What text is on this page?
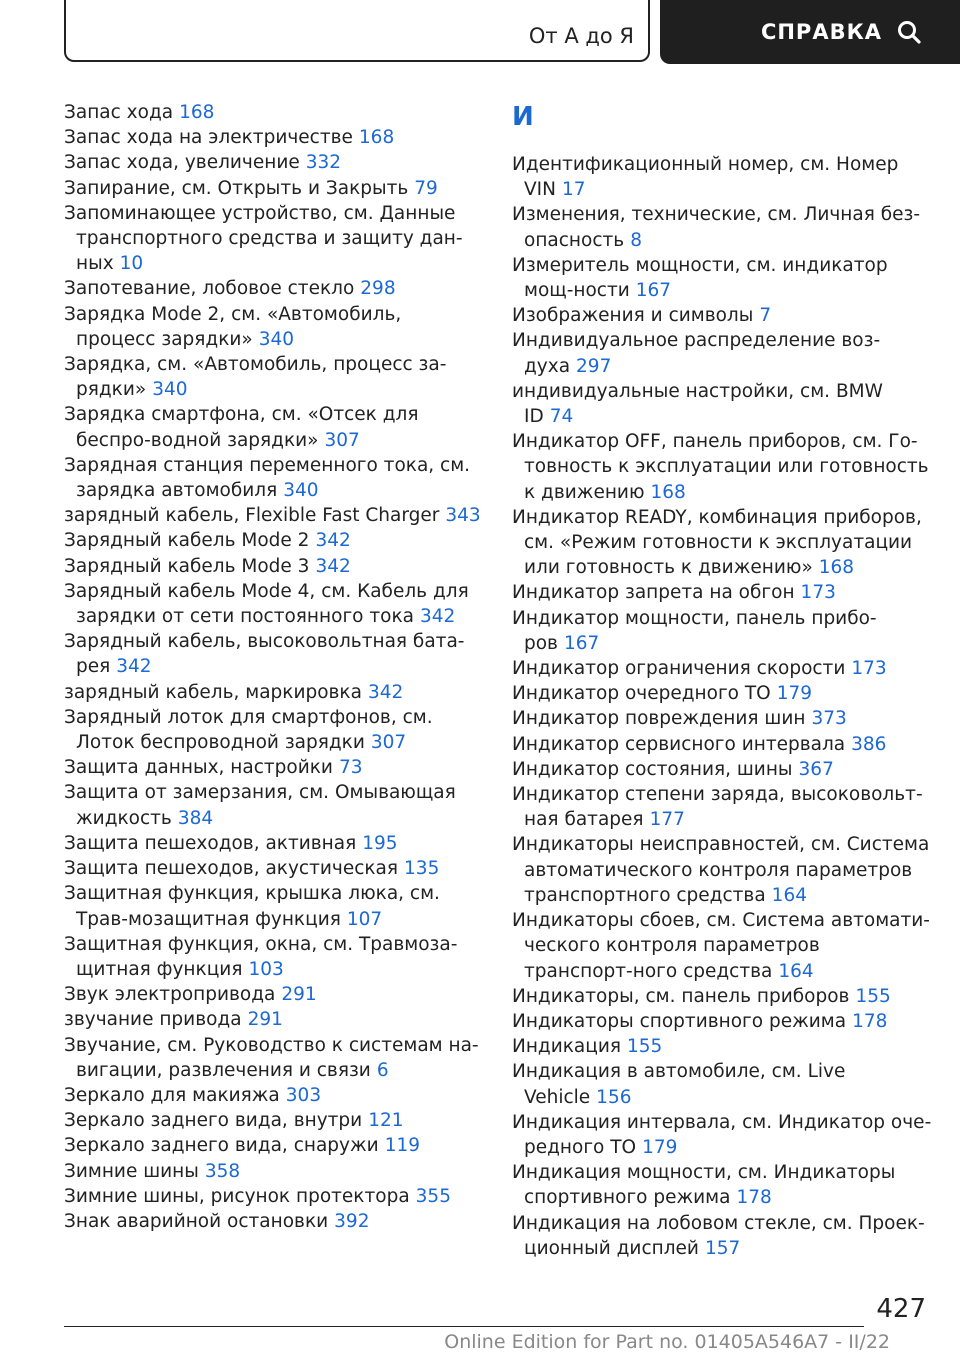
От А до Я	СПРАВКА

Запас хода 168

Запас хода на электричестве 168

Запас хода, увеличение 332

Запирание, см. Открыть и Закрыть 79

Запоминающее устройство, см. Данные транспортного средства и защиту дан-ных 10

Запотевание, лобовое стекло 298

Зарядка Mode 2, см. «Автомобиль, процесс зарядки» 340

Зарядка, см. «Автомобиль, процесс за-рядки» 340

Зарядка смартфона, см. «Отсек для беспро-водной зарядки» 307

Зарядная станция переменного тока, см. зарядка автомобиля 340

зарядный кабель, Flexible Fast Charger 343

Зарядный кабель Mode 2 342

Зарядный кабель Mode 3 342

Зарядный кабель Mode 4, см. Кабель для зарядки от сети постоянного тока 342

Зарядный кабель, высоковольтная бата-рея 342

зарядный кабель, маркировка 342

Зарядный лоток для смартфонов, см. Лоток беспроводной зарядки 307

Защита данных, настройки 73

Защита от замерзания, см. Омывающая жидкость 384

Защита пешеходов, активная 195

Защита пешеходов, акустическая 135

Защитная функция, крышка люка, см. Трав-мозащитная функция 107

Защитная функция, окна, см. Травмоза-щитная функция 103

Звук электропривода 291

звучание привода 291

Звучание, см. Руководство к системам на-вигации, развлечения и связи 6

Зеркало для макияжа 303

Зеркало заднего вида, внутри 121

Зеркало заднего вида, снаружи 119

Зимние шины 358

Зимние шины, рисунок протектора 355

Знак аварийной остановки 392

И

Идентификационный номер, см. Номер VIN 17

Изменения, технические, см. Личная без-опасность 8

Измеритель мощности, см. индикатор мощ-ности 167

Изображения и символы 7

Индивидуальное распределение воз-духа 297

индивидуальные настройки, см. BMW ID 74

Индикатор OFF, панель приборов, см. Го-товность к эксплуатации или готовность к движению 168

Индикатор READY, комбинация приборов, см. «Режим готовности к эксплуатации или готовность к движению» 168

Индикатор запрета на обгон 173

Индикатор мощности, панель прибо-ров 167

Индикатор ограничения скорости 173

Индикатор очередного ТО 179

Индикатор повреждения шин 373

Индикатор сервисного интервала 386

Индикатор состояния, шины 367

Индикатор степени заряда, высоковольт-ная батарея 177

Индикаторы неисправностей, см. Система автоматического контроля параметров транспортного средства 164

Индикаторы сбоев, см. Система автомати-ческого контроля параметров транспорт-ного средства 164

Индикаторы, см. панель приборов 155

Индикаторы спортивного режима 178

Индикация 155

Индикация в автомобиле, см. Live Vehicle 156

Индикация интервала, см. Индикатор оче-редного ТО 179

Индикация мощности, см. Индикаторы спортивного режима 178

Индикация на лобовом стекле, см. Проек-ционный дисплей 157

427
Online Edition for Part no. 01405A546A7 - II/22
